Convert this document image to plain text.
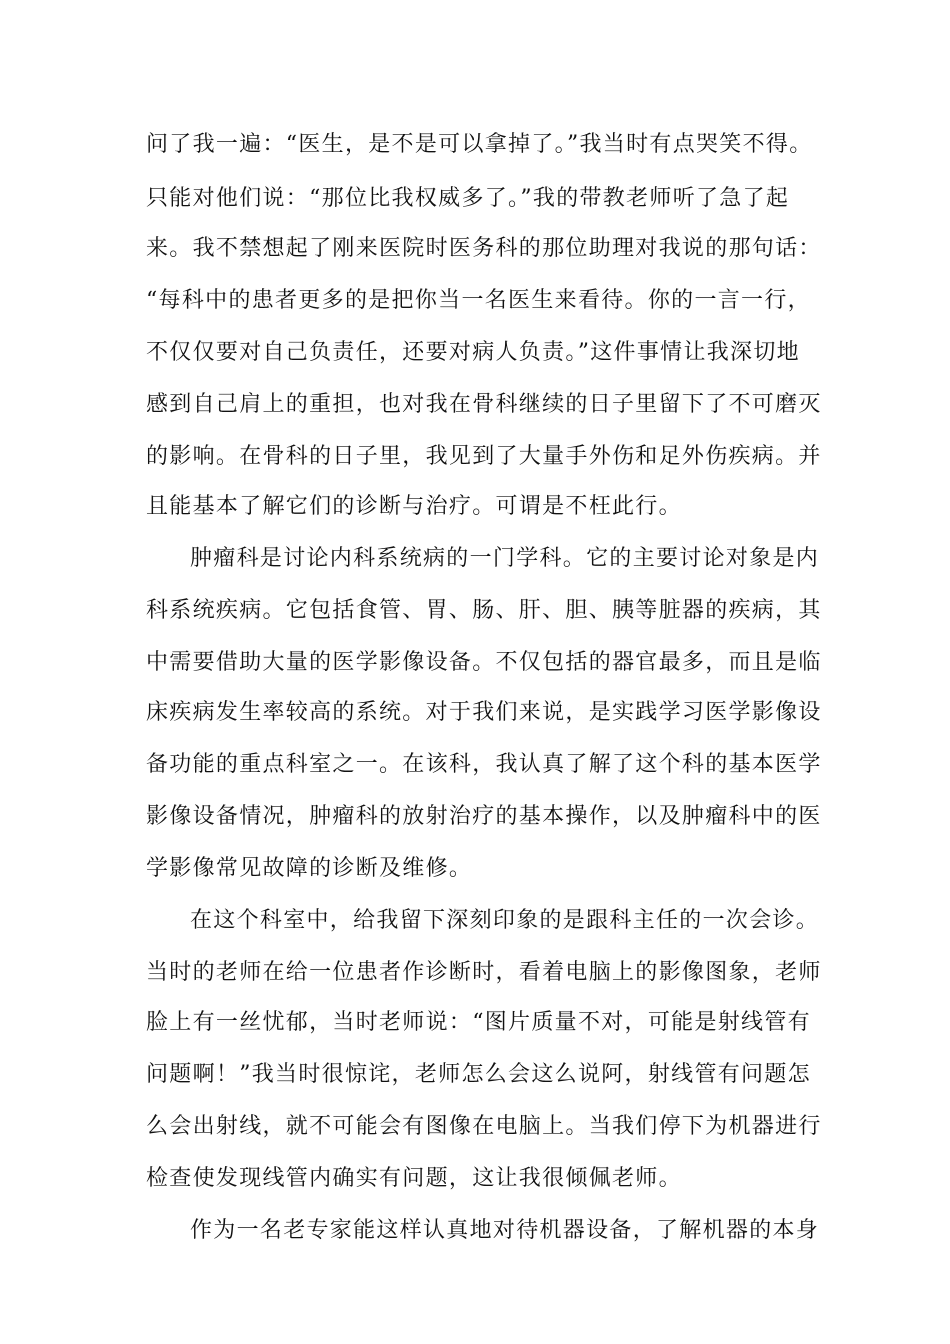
问了我一遍：“医生，是不是可以拿掉了。”我当时有点哭笑不得。
只能对他们说：“那位比我权威多了。”我的带教老师听了急了起
来。我不禁想起了刚来医院时医务科的那位助理对我说的那句话：
“每科中的患者更多的是把你当一名医生来看待。你的一言一行，
不仅仅要对自己负责任，还要对病人负责。”这件事情让我深切地
感到自己肩上的重担，也对我在骨科继续的日子里留下了不可磨灭
的影响。在骨科的日子里，我见到了大量手外伤和足外伤疾病。并
且能基本了解它们的诊断与治疗。可谓是不枉此行。
肿瘤科是讨论内科系统病的一门学科。它的主要讨论对象是内
科系统疾病。它包括食管、胃、肠、肝、胆、胰等脏器的疾病，其
中需要借助大量的医学影像设备。不仅包括的器官最多，而且是临
床疾病发生率较高的系统。对于我们来说，是实践学习医学影像设
备功能的重点科室之一。在该科，我认真了解了这个科的基本医学
影像设备情况，肿瘤科的放射治疗的基本操作，以及肿瘤科中的医
学影像常见故障的诊断及维修。
在这个科室中，给我留下深刻印象的是跟科主任的一次会诊。
当时的老师在给一位患者作诊断时，看着电脑上的影像图象，老师
脸上有一丝忧郁，当时老师说：“图片质量不对，可能是射线管有
问题啊！”我当时很惊诧，老师怎么会这么说阿，射线管有问题怎
么会出射线，就不可能会有图像在电脑上。当我们停下为机器进行
检查使发现线管内确实有问题，这让我很倾佩老师。
作为一名老专家能这样认真地对待机器设备，了解机器的本身
